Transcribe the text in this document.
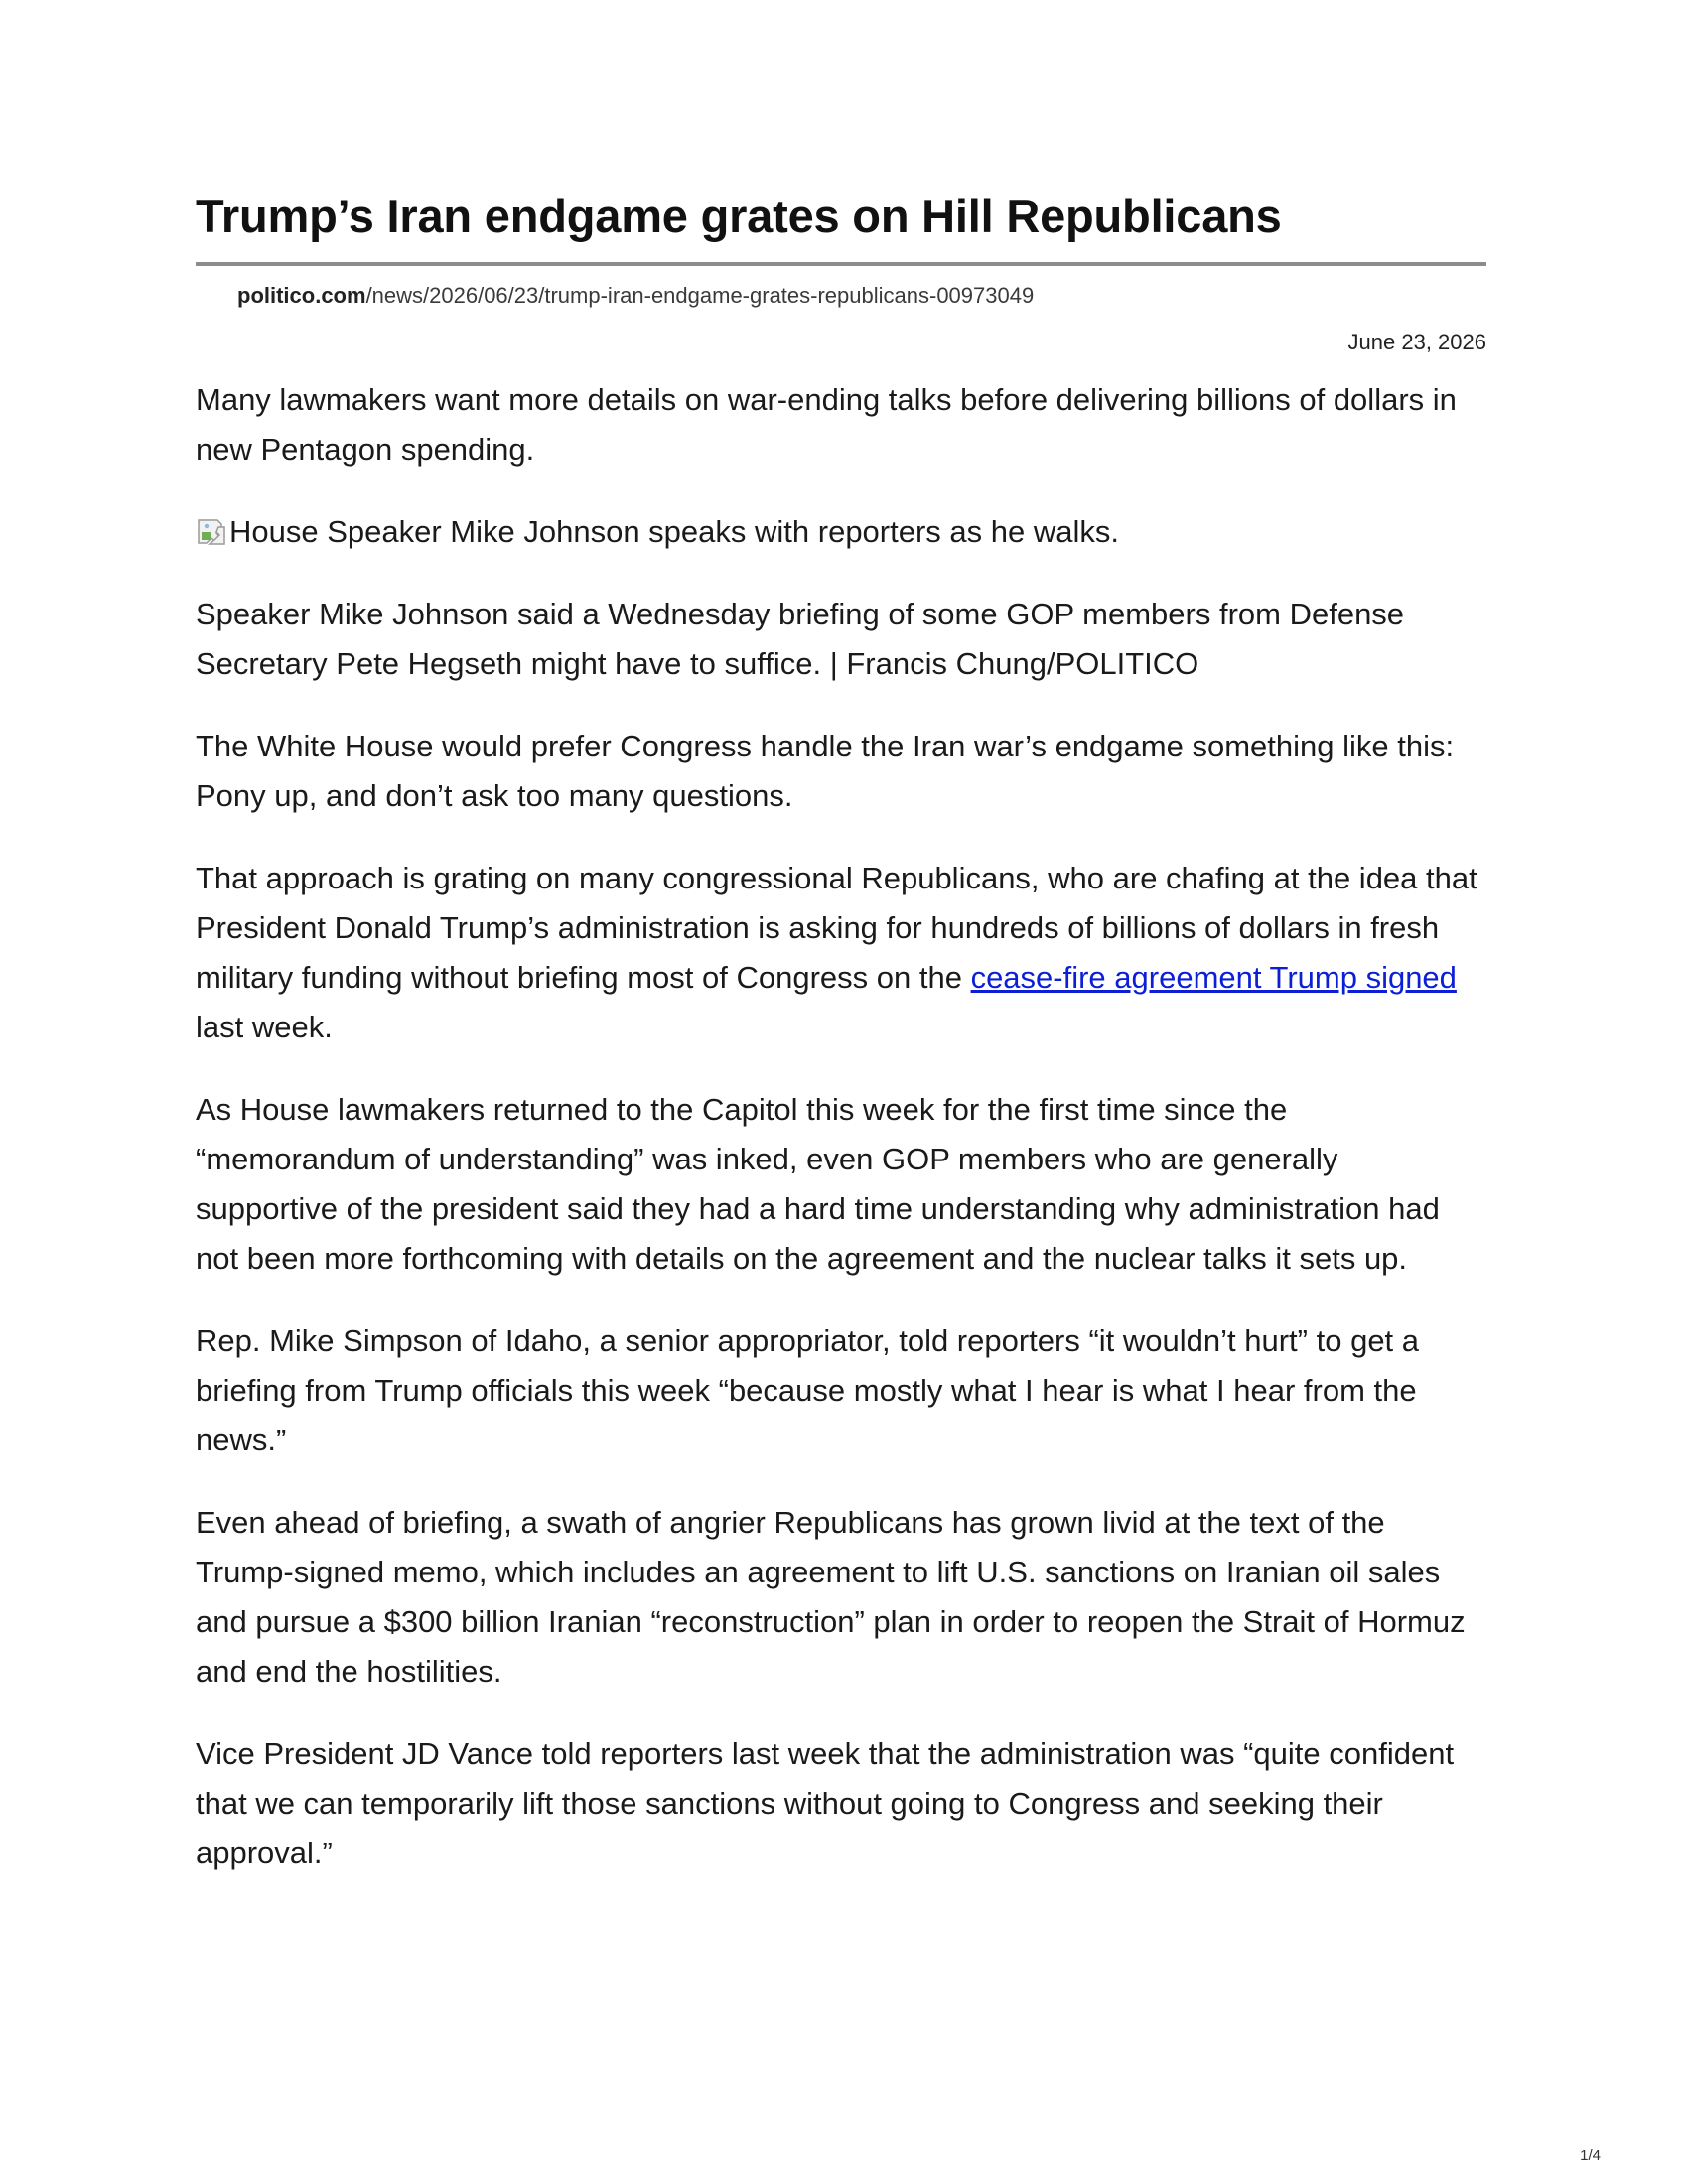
Trump’s Iran endgame grates on Hill Republicans
politico.com/news/2026/06/23/trump-iran-endgame-grates-republicans-00973049
June 23, 2026

Many lawmakers want more details on war-ending talks before delivering billions of dollars in new Pentagon spending.

House Speaker Mike Johnson speaks with reporters as he walks.

Speaker Mike Johnson said a Wednesday briefing of some GOP members from Defense Secretary Pete Hegseth might have to suffice. | Francis Chung/POLITICO

The White House would prefer Congress handle the Iran war’s endgame something like this: Pony up, and don’t ask too many questions.

That approach is grating on many congressional Republicans, who are chafing at the idea that President Donald Trump’s administration is asking for hundreds of billions of dollars in fresh military funding without briefing most of Congress on the cease-fire agreement Trump signed last week.

As House lawmakers returned to the Capitol this week for the first time since the “memorandum of understanding” was inked, even GOP members who are generally supportive of the president said they had a hard time understanding why administration had not been more forthcoming with details on the agreement and the nuclear talks it sets up.

Rep. Mike Simpson of Idaho, a senior appropriator, told reporters “it wouldn’t hurt” to get a briefing from Trump officials this week “because mostly what I hear is what I hear from the news.”

Even ahead of briefing, a swath of angrier Republicans has grown livid at the text of the Trump-signed memo, which includes an agreement to lift U.S. sanctions on Iranian oil sales and pursue a $300 billion Iranian “reconstruction” plan in order to reopen the Strait of Hormuz and end the hostilities.

Vice President JD Vance told reporters last week that the administration was “quite confident that we can temporarily lift those sanctions without going to Congress and seeking their approval.”

1/4
